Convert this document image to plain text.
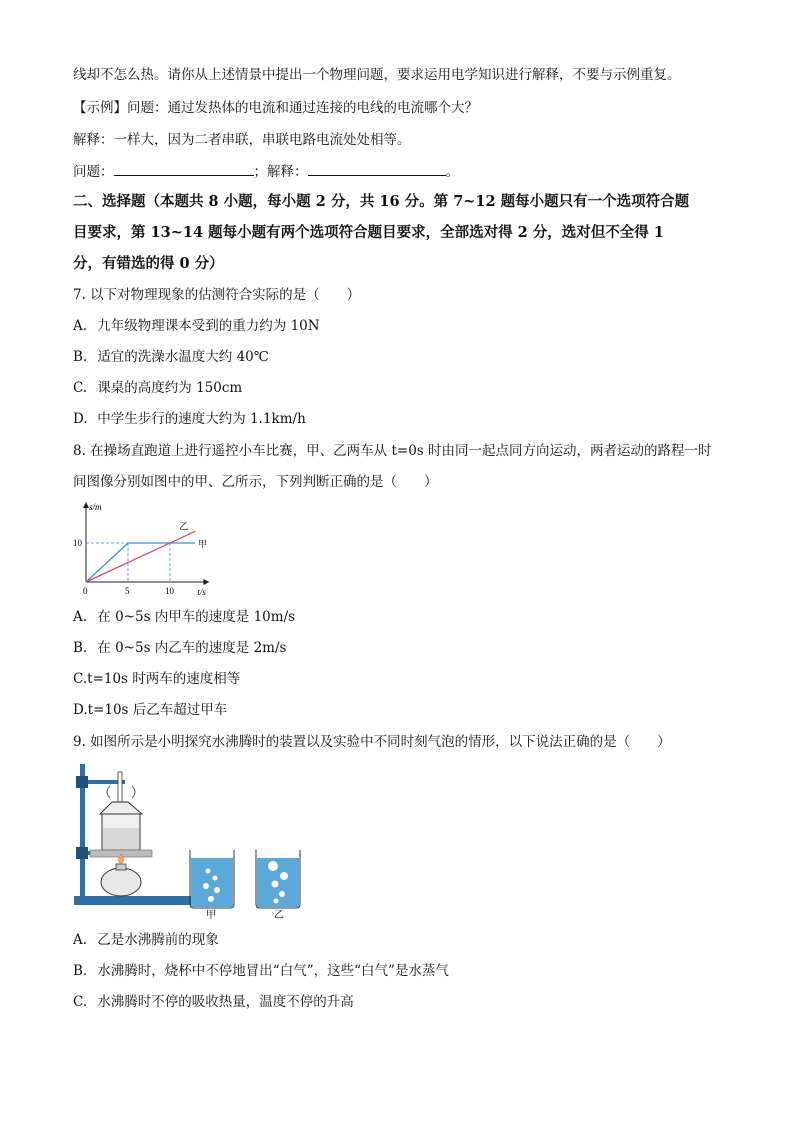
线却不怎么热。请你从上述情景中提出一个物理问题，要求运用电学知识进行解释，不要与示例重复。
【示例】问题：通过发热体的电流和通过连接的电线的电流哪个大？
解释：一样大，因为二者串联，串联电路电流处处相等。
问题：	；解释：	。
二、选择题（本题共 8 小题，每小题 2 分，共 16 分。第 7~12 题每小题只有一个选项符合题
目要求，第 13~14 题每小题有两个选项符合题目要求，全部选对得 2 分，选对但不全得 1
分，有错选的得 0 分）
7. 以下对物理现象的估测符合实际的是（　　）
A. 九年级物理课本受到的重力约为 10N
B. 适宜的洗澡水温度大约 40℃
C. 课桌的高度约为 150cm
D. 中学生步行的速度大约为 1.1km/h
8. 在操场直跑道上进行遥控小车比赛，甲、乙两车从 t=0s 时由同一起点同方向运动，两者运动的路程一时
间图像分别如图中的甲、乙所示，下列判断正确的是（　　）
s/m
t/s
0	5	10
10	甲
乙
A. 在 0~5s 内甲车的速度是 10m/s
B. 在 0~5s 内乙车的速度是 2m/s
C.t=10s 时两车的速度相等
D.t=10s 后乙车超过甲车
9. 如图所示是小明探究水沸腾时的装置以及实验中不同时刻气泡的情形，以下说法正确的是（　　）
甲	乙
A. 乙是水沸腾前的现象
B. 水沸腾时，烧杯中不停地冒出“白气”，这些“白气”是水蒸气
C. 水沸腾时不停的吸收热量，温度不停的升高
